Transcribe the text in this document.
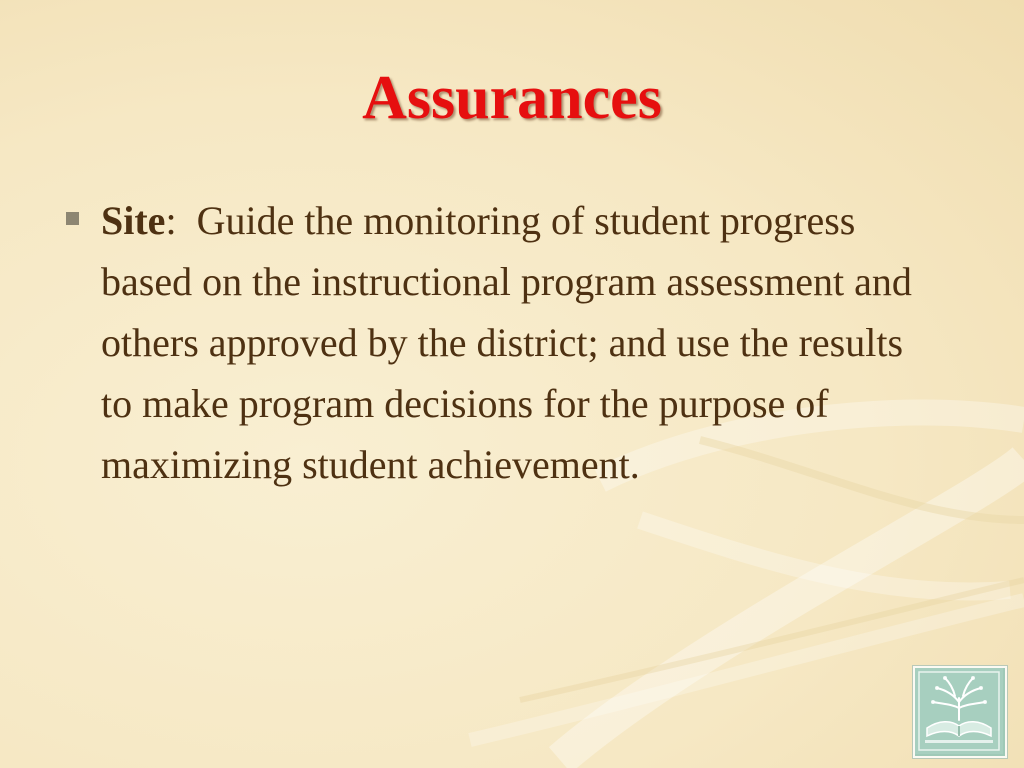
Assurances
Site:  Guide the monitoring of student progress based on the instructional program assessment and others approved by the district; and use the results to make program decisions for the purpose of maximizing student achievement.
